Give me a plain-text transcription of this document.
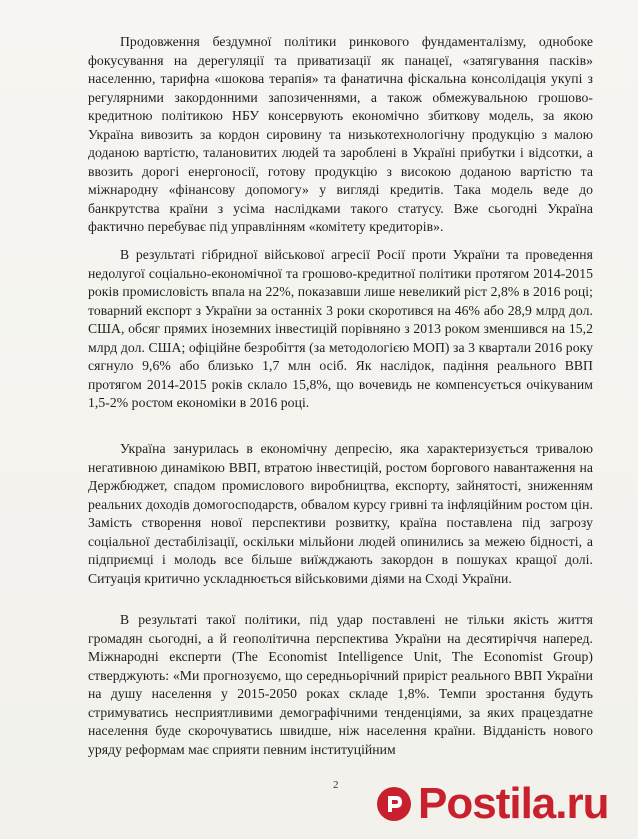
Продовження бездумної політики ринкового фундаменталізму, однобоке фокусування на дерегуляції та приватизації як панацеї, «затягування пасків» населенню, тарифна «шокова терапія» та фанатична фіскальна консолідація укупі з регулярними закордонними запозиченнями, а також обмежувальною грошово-кредитною політикою НБУ консервують економічно збиткову модель, за якою Україна вивозить за кордон сировину та низькотехнологічну продукцію з малою доданою вартістю, талановитих людей та зароблені в Україні прибутки і відсотки, а ввозить дорогі енергоносії, готову продукцію з високою доданою вартістю та міжнародну «фінансову допомогу» у вигляді кредитів. Така модель веде до банкрутства країни з усіма наслідками такого статусу. Вже сьогодні Україна фактично перебуває під управлінням «комітету кредиторів».

В результаті гібридної військової агресії Росії проти України та проведення недолугої соціально-економічної та грошово-кредитної політики протягом 2014-2015 років промисловість впала на 22%, показавши лише невеликий ріст 2,8% в 2016 році; товарний експорт з України за останніх 3 роки скоротився на 46% або 28,9 млрд дол. США, обсяг прямих іноземних інвестицій порівняно з 2013 роком зменшився на 15,2 млрд дол. США; офіційне безробіття (за методологією МОП) за 3 квартали 2016 року сягнуло 9,6% або близько 1,7 млн осіб. Як наслідок, падіння реального ВВП протягом 2014-2015 років склало 15,8%, що вочевидь не компенсується очікуваним 1,5-2% ростом економіки в 2016 році.

Україна занурилась в економічну депресію, яка характеризується тривалою негативною динамікою ВВП, втратою інвестицій, ростом боргового навантаження на Держбюджет, спадом промислового виробництва, експорту, зайнятості, зниженням реальних доходів домогосподарств, обвалом курсу гривні та інфляційним ростом цін. Замість створення нової перспективи розвитку, країна поставлена під загрозу соціальної дестабілізації, оскільки мільйони людей опинились за межею бідності, а підприємці і молодь все більше виїжджають закордон в пошуках кращої долі. Ситуація критично ускладнюється військовими діями на Сході України.

В результаті такої політики, під удар поставлені не тільки якість життя громадян сьогодні, а й геополітична перспектива України на десятиріччя наперед. Міжнародні експерти (The Economist Intelligence Unit, The Economist Group) стверджують: «Ми прогнозуємо, що середньорічний приріст реального ВВП України на душу населення у 2015-2050 роках складе 1,8%. Темпи зростання будуть стримуватись несприятливими демографічними тенденціями, за яких працездатне населення буде скорочуватись швидше, ніж населення країни. Відданість нового уряду реформам має сприяти певним інституційним

2 Postila.ru
